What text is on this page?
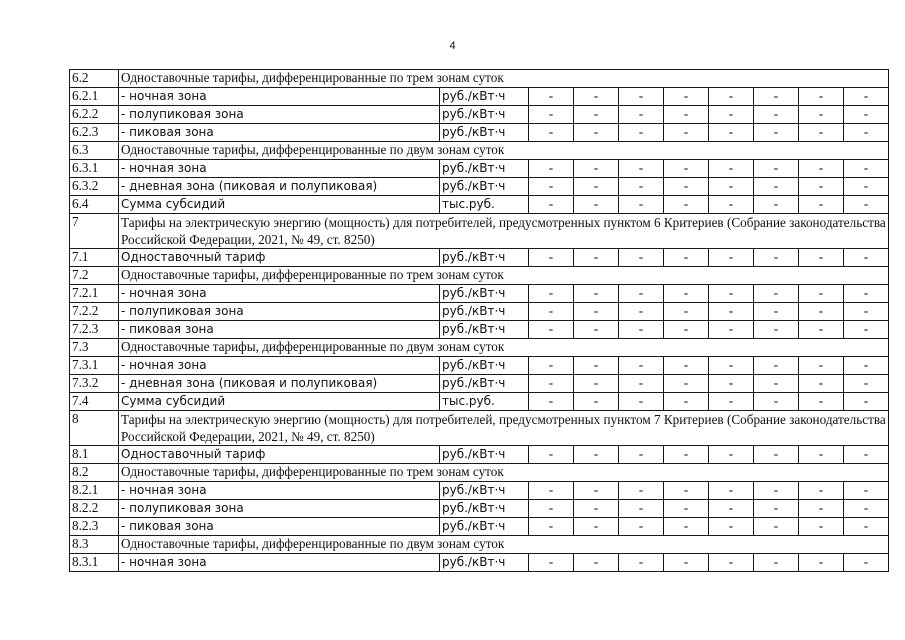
4
6.2	Одноставочные тарифы, дифференцированные по трем зонам суток									
6.2.1	- ночная зона	руб./кВт·ч	-	-	-	-	-	-	-	-
6.2.2	- полупиковая зона	руб./кВт·ч	-	-	-	-	-	-	-	-
6.2.3	- пиковая зона	руб./кВт·ч	-	-	-	-	-	-	-	-
6.3	Одноставочные тарифы, дифференцированные по двум зонам суток									
6.3.1	- ночная зона	руб./кВт·ч	-	-	-	-	-	-	-	-
6.3.2	- дневная зона (пиковая и полупиковая)	руб./кВт·ч	-	-	-	-	-	-	-	-
6.4	Сумма субсидий	тыс.руб.	-	-	-	-	-	-	-	-
7	Тарифы на электрическую энергию (мощность) для потребителей, предусмотренных пунктом 6 Критериев (Собрание законодательства Российской Федерации, 2021, № 49, ст. 8250)									
7.1	Одноставочный тариф	руб./кВт·ч	-	-	-	-	-	-	-	-
7.2	Одноставочные тарифы, дифференцированные по трем зонам суток									
7.2.1	- ночная зона	руб./кВт·ч	-	-	-	-	-	-	-	-
7.2.2	- полупиковая зона	руб./кВт·ч	-	-	-	-	-	-	-	-
7.2.3	- пиковая зона	руб./кВт·ч	-	-	-	-	-	-	-	-
7.3	Одноставочные тарифы, дифференцированные по двум зонам суток									
7.3.1	- ночная зона	руб./кВт·ч	-	-	-	-	-	-	-	-
7.3.2	- дневная зона (пиковая и полупиковая)	руб./кВт·ч	-	-	-	-	-	-	-	-
7.4	Сумма субсидий	тыс.руб.	-	-	-	-	-	-	-	-
8	Тарифы на электрическую энергию (мощность) для потребителей, предусмотренных пунктом 7 Критериев (Собрание законодательства Российской Федерации, 2021, № 49, ст. 8250)									
8.1	Одноставочный тариф	руб./кВт·ч	-	-	-	-	-	-	-	-
8.2	Одноставочные тарифы, дифференцированные по трем зонам суток									
8.2.1	- ночная зона	руб./кВт·ч	-	-	-	-	-	-	-	-
8.2.2	- полупиковая зона	руб./кВт·ч	-	-	-	-	-	-	-	-
8.2.3	- пиковая зона	руб./кВт·ч	-	-	-	-	-	-	-	-
8.3	Одноставочные тарифы, дифференцированные по двум зонам суток									
8.3.1	- ночная зона	руб./кВт·ч	-	-	-	-	-	-	-	-
